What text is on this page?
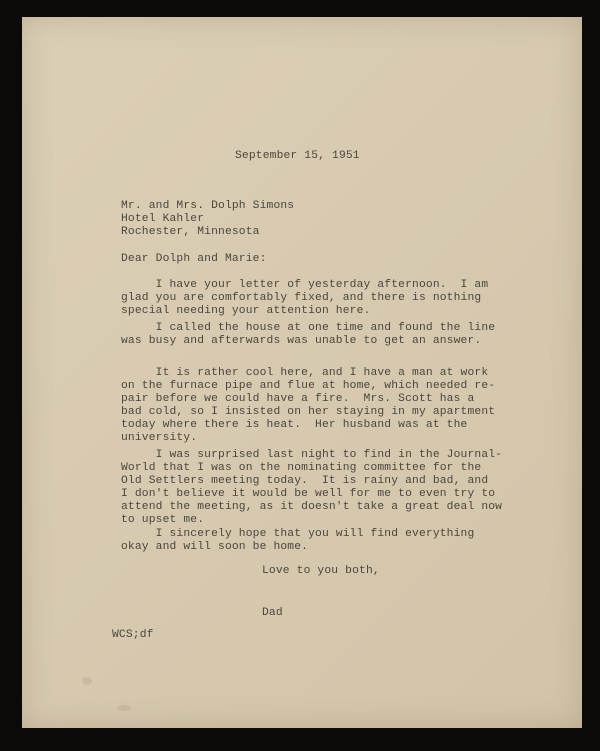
September 15, 1951
Mr. and Mrs. Dolph Simons
Hotel Kahler
Rochester, Minnesota
Dear Dolph and Marie:
I have your letter of yesterday afternoon.  I am
glad you are comfortably fixed, and there is nothing
special needing your attention here.
I called the house at one time and found the line
was busy and afterwards was unable to get an answer.
It is rather cool here, and I have a man at work
on the furnace pipe and flue at home, which needed re-
pair before we could have a fire.  Mrs. Scott has a
bad cold, so I insisted on her staying in my apartment
today where there is heat.  Her husband was at the
university.
I was surprised last night to find in the Journal-
World that I was on the nominating committee for the
Old Settlers meeting today.  It is rainy and bad, and
I don't believe it would be well for me to even try to
attend the meeting, as it doesn't take a great deal now
to upset me.
I sincerely hope that you will find everything
okay and will soon be home.
Love to you both,
Dad
WCS;df
